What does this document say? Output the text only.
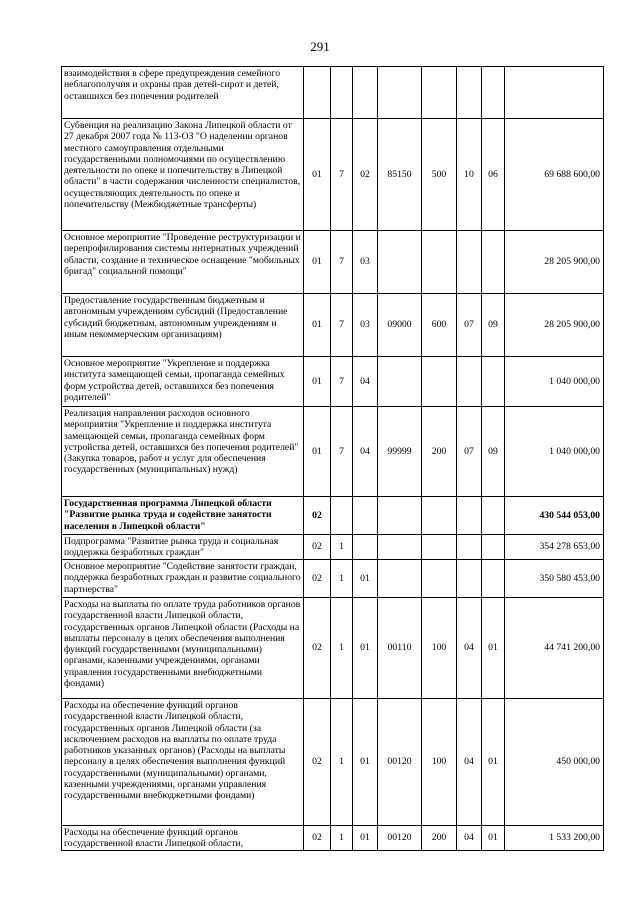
291
взаимодействия в сфере предупреждения семейного неблагополучия и охраны прав детей-сирот и детей, оставшихся без попечения родителей								
Субвенция на реализацию Закона Липецкой области от 27 декабря 2007 года № 113-ОЗ "О наделении органов местного самоуправления отдельными государственными полномочиями по осуществлению деятельности по опеке и попечительству в Липецкой области" в части содержания численности специалистов, осуществляющих деятельность по опеке и попечительству (Межбюджетные трансферты)	01	7	02	85150	500	10	06	69 688 600,00
Основное мероприятие "Проведение реструктуризации и перепрофилирования системы интернатных учреждений области, создание и техническое оснащение "мобильных бригад" социальной помощи"	01	7	03					28 205 900,00
Предоставление государственным бюджетным и автономным учреждениям субсидий (Предоставление субсидий бюджетным, автономным учреждениям и иным некоммерческим организациям)	01	7	03	09000	600	07	09	28 205 900,00
Основное мероприятие "Укрепление и поддержка института замещающей семьи, пропаганда семейных форм устройства детей, оставшихся без попечения родителей"	01	7	04					1 040 000,00
Реализация направления расходов основного мероприятия "Укрепление и поддержка института замещающей семьи, пропаганда семейных форм устройства детей, оставшихся без попечения родителей" (Закупка товаров, работ и услуг для обеспечения государственных (муниципальных) нужд)	01	7	04	99999	200	07	09	1 040 000,00
Государственная программа Липецкой области "Развитие рынка труда и содействие занятости населения в Липецкой области"	02							430 544 053,00
Подпрограмма "Развитие рынка труда и социальная поддержка безработных граждан"	02	1						354 278 653,00
Основное мероприятие "Содействие занятости граждан, поддержка безработных граждан и развитие социального партнерства"	02	1	01					350 580 453,00
Расходы на выплаты по оплате труда работников органов государственной власти Липецкой области, государственных органов Липецкой области (Расходы на выплаты персоналу в целях обеспечения выполнения функций государственными (муниципальными) органами, казенными учреждениями, органами управления государственными внебюджетными фондами)	02	1	01	00110	100	04	01	44 741 200,00
Расходы на обеспечение функций органов государственной власти Липецкой области, государственных органов Липецкой области (за исключением расходов на выплаты по оплате труда работников указанных органов) (Расходы на выплаты персоналу в целях обеспечения выполнения функций государственными (муниципальными) органами, казенными учреждениями, органами управления государственными внебюджетными фондами)	02	1	01	00120	100	04	01	450 000,00
Расходы на обеспечение функций органов государственной власти Липецкой области,	02	1	01	00120	200	04	01	1 533 200,00
